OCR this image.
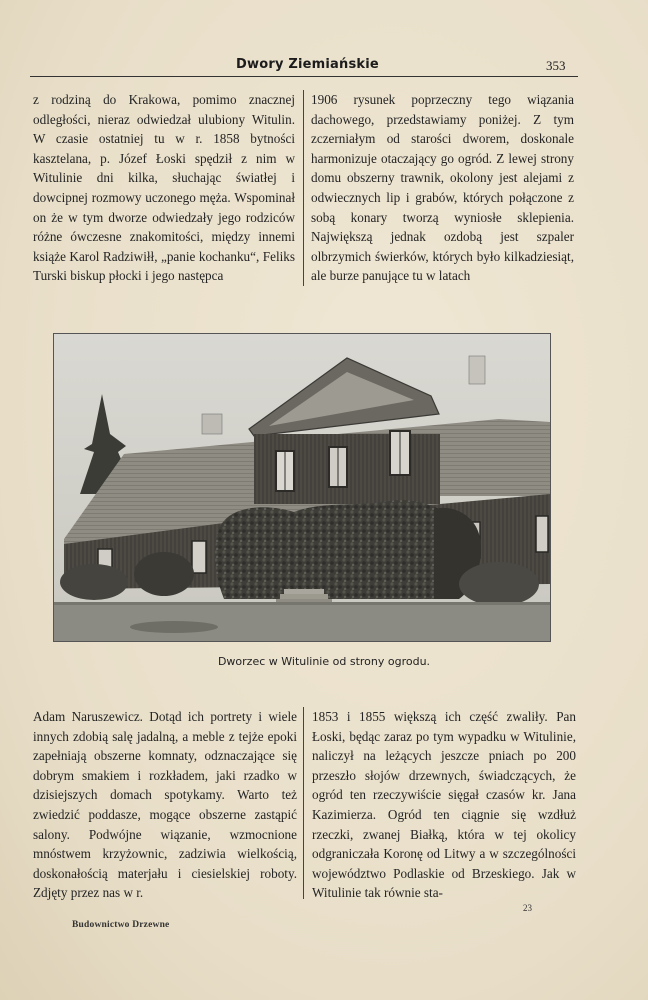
Dwory Ziemiańskie	353

z rodziną do Krakowa, pomimo znacznej odległości, nieraz odwiedzał ulubiony Witulin. W czasie ostatniej tu w r. 1858 bytności kasztelana, p. Józef Łoski spędził z nim w Witulinie dni kilka, słuchając światłej i dowcipnej rozmowy uczonego męża. Wspominał on że w tym dworze odwiedzały jego rodziców różne ówczesne znakomitości, między innemi książe Karol Radziwiłł, „panie kochanku“, Feliks Turski biskup płocki i jego następca

1906 rysunek poprzeczny tego wiązania dachowego, przedstawiamy poniżej. Z tym zczerniałym od starości dworem, doskonale harmonizuje otaczający go ogród. Z lewej strony domu obszerny trawnik, okolony jest alejami z odwiecznych lip i grabów, których połączone z sobą konary tworzą wyniosłe sklepienia. Największą jednak ozdobą jest szpaler olbrzymich świerków, których było kilkadziesiąt, ale burze panujące tu w latach

Dworzec w Witulinie od strony ogrodu.

Adam Naruszewicz. Dotąd ich portrety i wiele innych zdobią salę jadalną, a meble z tejże epoki zapełniają obszerne komnaty, odznaczające się dobrym smakiem i rozkładem, jaki rzadko w dzisiejszych domach spotykamy. Warto też zwiedzić poddasze, mogące obszerne zastąpić salony. Podwójne wiązanie, wzmocnione mnóstwem krzyżownic, zadziwia wielkością, doskonałością materjału i ciesielskiej roboty. Zdjęty przez nas w r.

1853 i 1855 większą ich część zwaliły. Pan Łoski, będąc zaraz po tym wypadku w Witulinie, naliczył na leżących jeszcze pniach po 200 przeszło słojów drzewnych, świadczących, że ogród ten rzeczywiście sięgał czasów kr. Jana Kazimierza. Ogród ten ciągnie się wzdłuż rzeczki, zwanej Białką, która w tej okolicy odgraniczała Koronę od Litwy a w szczególności województwo Podlaskie od Brzeskiego. Jak w Witulinie tak równie sta-

Budownictwo Drzewne
23
